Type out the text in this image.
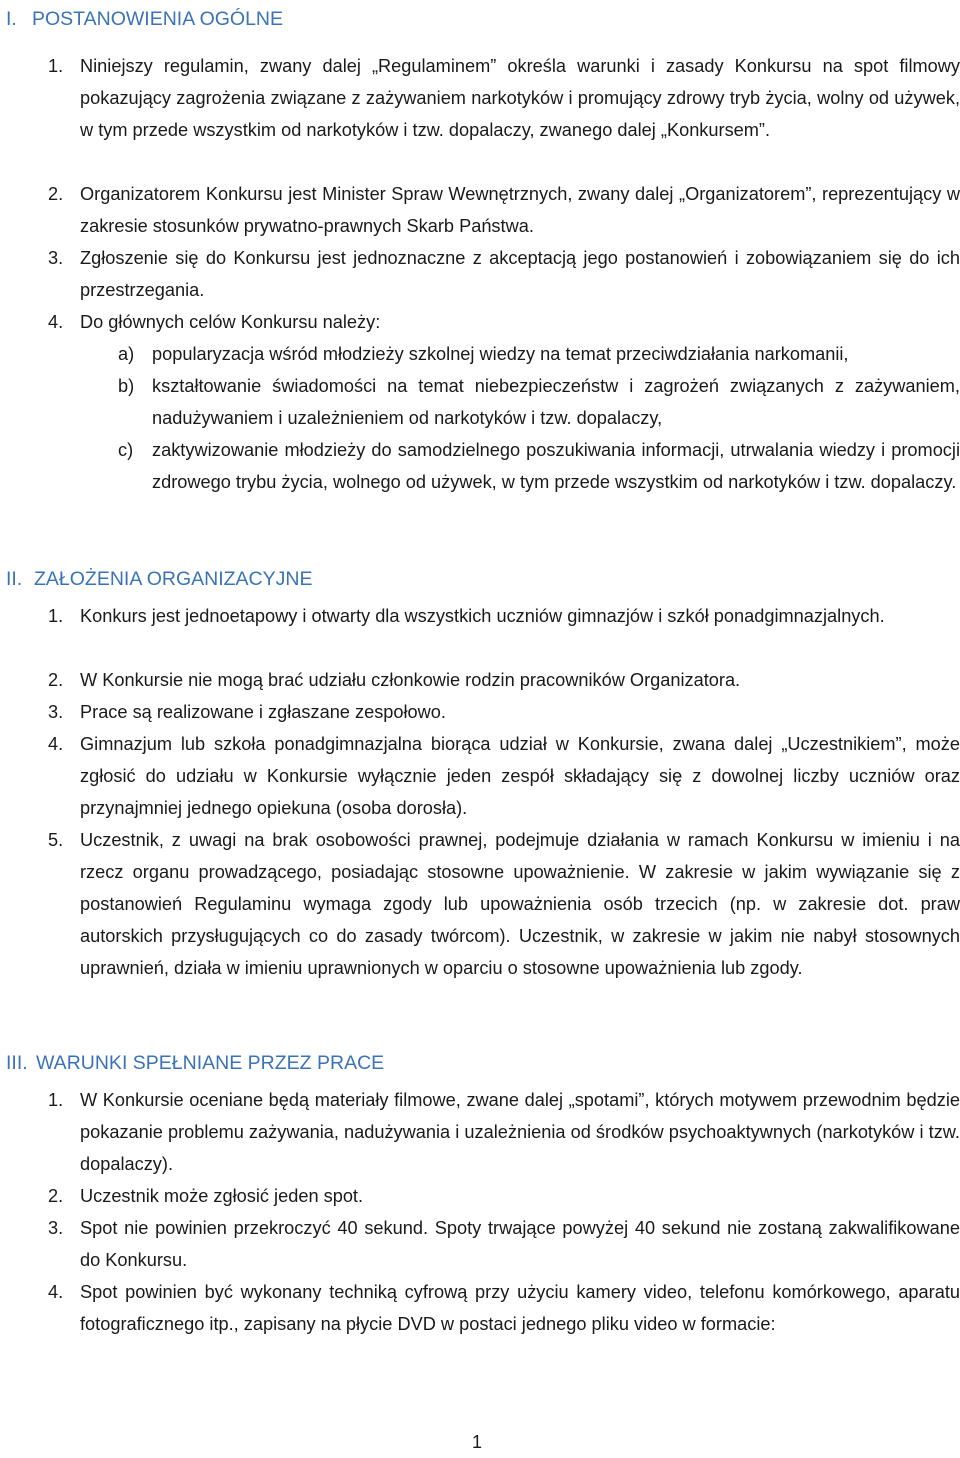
I. POSTANOWIENIA OGÓLNE
1. Niniejszy regulamin, zwany dalej „Regulaminem” określa warunki i zasady Konkursu na spot filmowy pokazujący zagrożenia związane z zażywaniem narkotyków i promujący zdrowy tryb życia, wolny od używek, w tym przede wszystkim od narkotyków i tzw. dopalaczy, zwanego dalej „Konkursem”.
2. Organizatorem Konkursu jest Minister Spraw Wewnętrznych, zwany dalej „Organizatorem”, reprezentujący w zakresie stosunków prywatno-prawnych Skarb Państwa.
3. Zgłoszenie się do Konkursu jest jednoznaczne z akceptacją jego postanowień i zobowiązaniem się do ich przestrzegania.
4. Do głównych celów Konkursu należy:
a) popularyzacja wśród młodzieży szkolnej wiedzy na temat przeciwdziałania narkomanii,
b) kształtowanie świadomości na temat niebezpieczeństw i zagrożeń związanych z zażywaniem, nadużywaniem i uzależnieniem od narkotyków i tzw. dopalaczy,
c)	zaktywizowanie młodzieży do samodzielnego poszukiwania informacji, utrwalania wiedzy i promocji zdrowego trybu życia, wolnego od używek, w tym przede wszystkim od narkotyków i tzw. dopalaczy.
II. ZAŁOŻENIA ORGANIZACYJNE
1. Konkurs jest jednoetapowy i otwarty dla wszystkich uczniów gimnazjów i szkół ponadgimnazjalnych.
2. W Konkursie nie mogą brać udziału członkowie rodzin pracowników Organizatora.
3. Prace są realizowane i zgłaszane zespołowo.
4. Gimnazjum lub szkoła ponadgimnazjalna biorąca udział w Konkursie, zwana dalej „Uczestnikiem”, może zgłosić do udziału w Konkursie wyłącznie jeden zespół składający się z dowolnej liczby uczniów oraz przynajmniej jednego opiekuna (osoba dorosła).
5. Uczestnik, z uwagi na brak osobowości prawnej, podejmuje działania w ramach Konkursu w imieniu i na rzecz organu prowadzącego, posiadając stosowne upoważnienie. W zakresie w jakim wywiązanie się z postanowień Regulaminu wymaga zgody lub upoważnienia osób trzecich (np. w zakresie dot. praw autorskich przysługujących co do zasady twórcom). Uczestnik, w zakresie w jakim nie nabył stosownych uprawnień, działa w imieniu uprawnionych w oparciu o stosowne upoważnienia lub zgody.
III. WARUNKI SPEŁNIANE PRZEZ PRACE
1. W Konkursie oceniane będą materiały filmowe, zwane dalej „spotami”, których motywem przewodnim będzie pokazanie problemu zażywania, nadużywania i uzależnienia od środków psychoaktywnych (narkotyków i tzw. dopalaczy).
2. Uczestnik może zgłosić jeden spot.
3. Spot nie powinien przekroczyć 40 sekund. Spoty trwające powyżej 40 sekund nie zostaną zakwalifikowane do Konkursu.
4. Spot powinien być wykonany techniką cyfrową przy użyciu kamery video, telefonu komórkowego, aparatu fotograficznego itp., zapisany na płycie DVD w postaci jednego pliku video w formacie:
1
